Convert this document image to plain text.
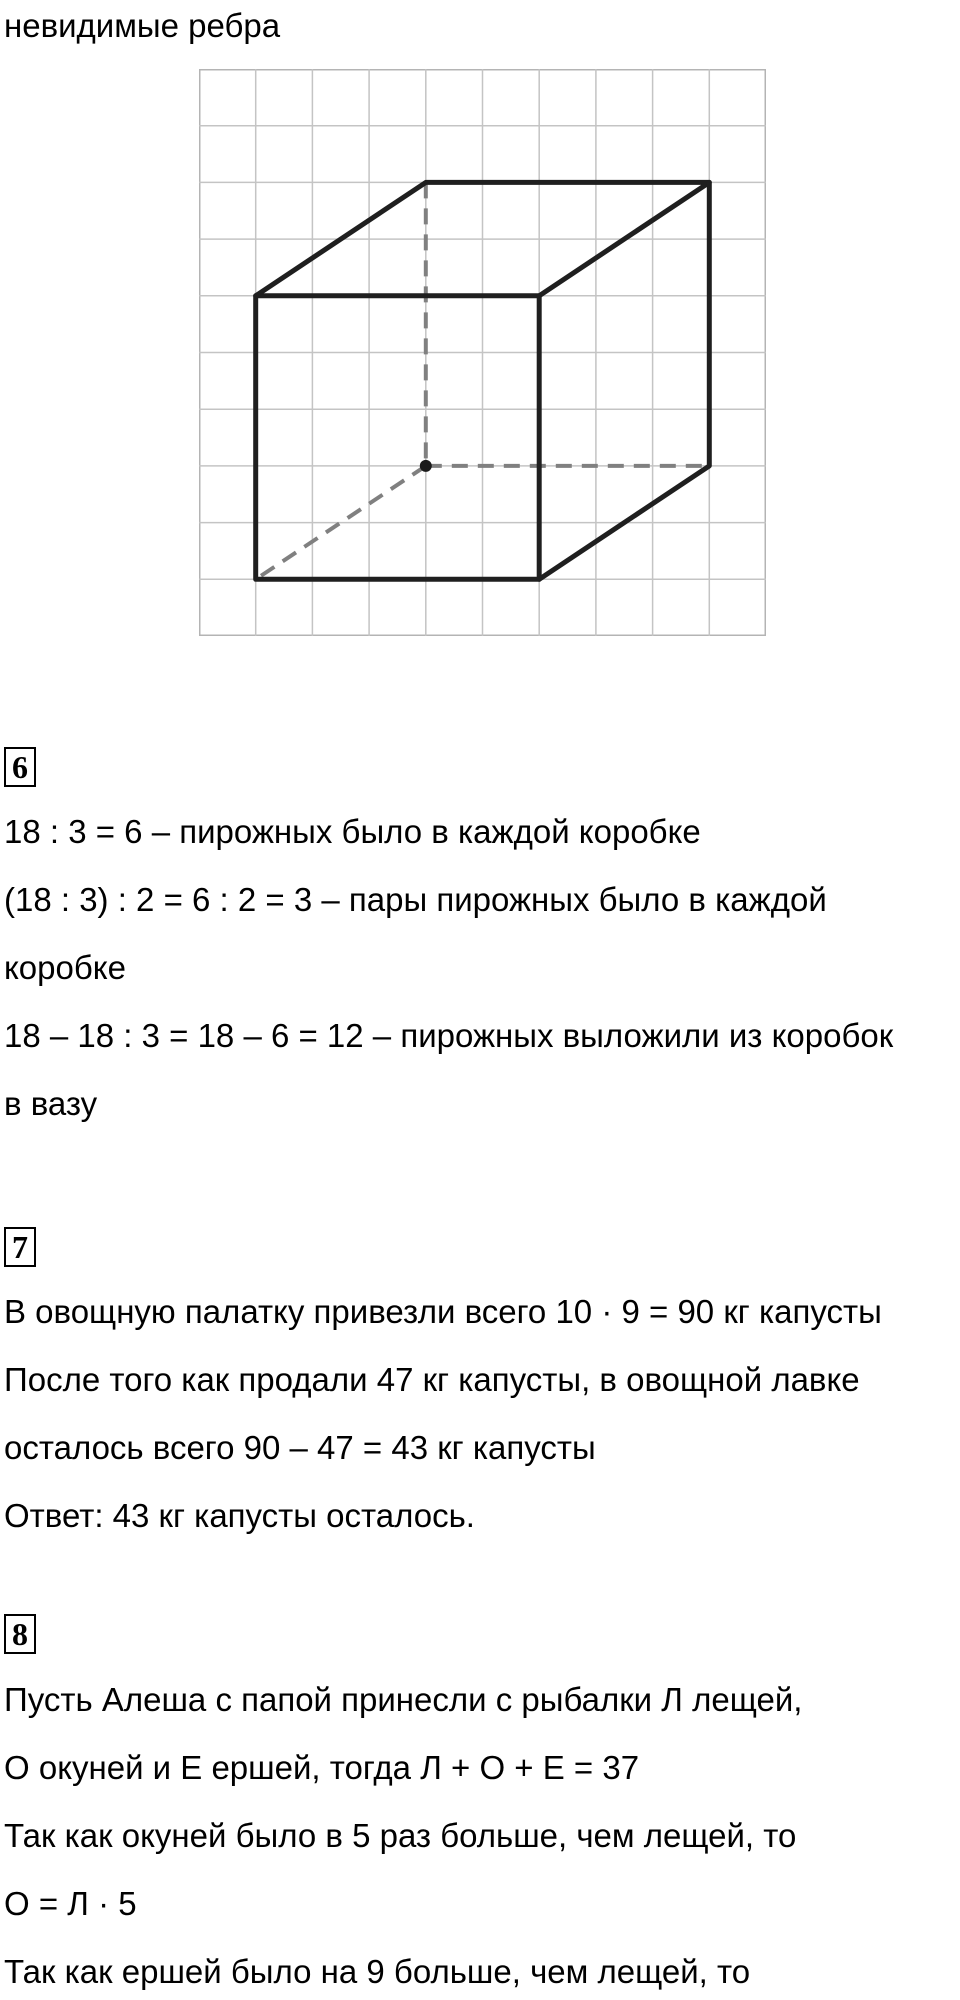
невидимые ребра
6
18 : 3 = 6 – пирожных было в каждой коробке
(18 : 3) : 2 = 6 : 2 = 3 – пары пирожных было в каждой
коробке
18 – 18 : 3 = 18 – 6 = 12 – пирожных выложили из коробок
в вазу
7
В овощную палатку привезли всего 10 · 9 = 90 кг капусты
После того как продали 47 кг капусты, в овощной лавке
осталось всего 90 – 47 = 43 кг капусты
Ответ: 43 кг капусты осталось.
8
Пусть Алеша с папой принесли с рыбалки Л лещей,
О окуней и Е ершей, тогда Л + О + Е = 37
Так как окуней было в 5 раз больше, чем лещей, то
О = Л · 5
Так как ершей было на 9 больше, чем лещей, то
